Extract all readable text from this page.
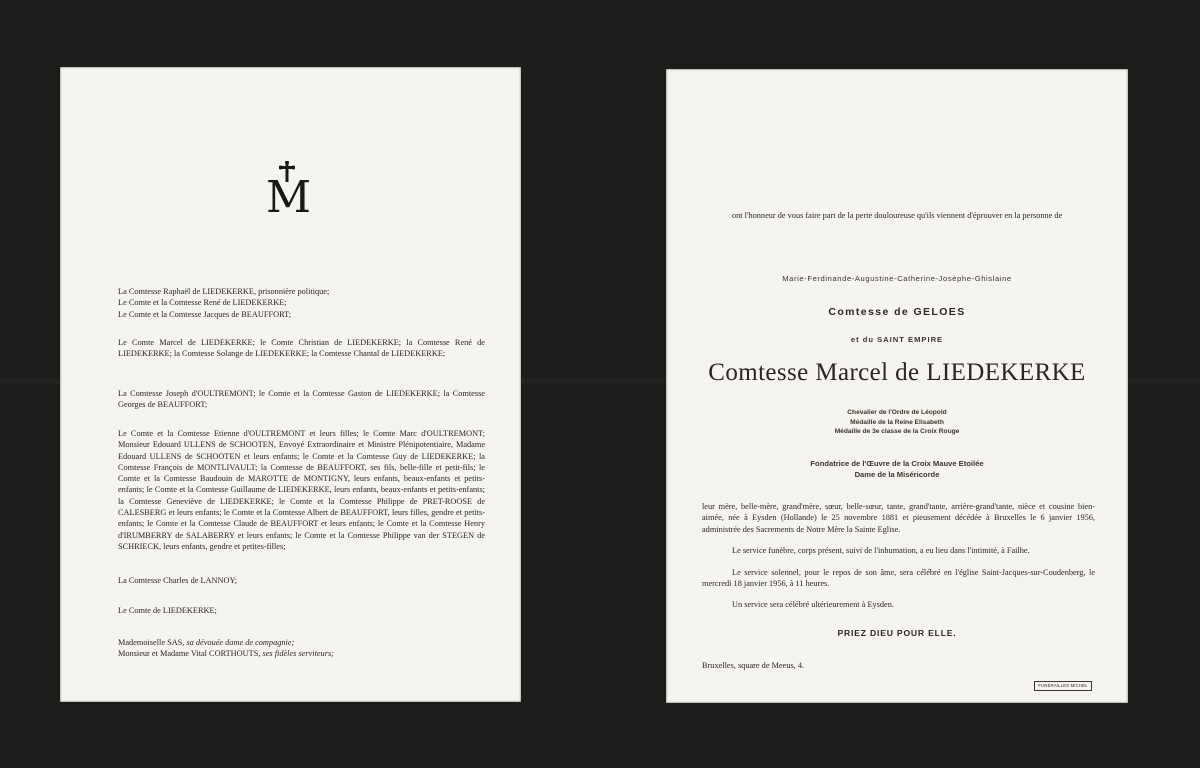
M
La Comtesse Raphaël de LIEDEKERKE, prisonnière politique;
Le Comte et la Comtesse René de LIEDEKERKE;
Le Comte et la Comtesse Jacques de BEAUFFORT;
Le Comte Marcel de LIEDEKERKE; le Comte Christian de LIEDEKERKE; la Comtesse René de LIEDEKERKE; la Comtesse Solange de LIEDEKERKE; la Comtesse Chantal de LIEDEKERKE;
La Comtesse Joseph d'OULTREMONT; le Comte et la Comtesse Gaston de LIEDEKERKE; la Comtesse Georges de BEAUFFORT;
Le Comte et la Comtesse Etienne d'OULTREMONT et leurs filles; le Comte Marc d'OULTREMONT; Monsieur Edouard ULLENS de SCHOOTEN, Envoyé Extraordinaire et Ministre Plénipotentiaire, Madame Edouard ULLENS de SCHOOTEN et leurs enfants; le Comte et la Comtesse Guy de LIEDEKERKE; la Comtesse François de MONTLIVAULT; la Comtesse de BEAUFFORT, ses fils, belle-fille et petit-fils; le Comte et la Comtesse Baudouin de MAROTTE de MONTIGNY, leurs enfants, beaux-enfants et petits-enfants; le Comte et la Comtesse Guillaume de LIEDEKERKE, leurs enfants, beaux-enfants et petits-enfants; la Comtesse Geneviève de LIEDEKERKE; le Comte et la Comtesse Philippe de PRET-ROOSE de CALESBERG et leurs enfants; le Comte et la Comtesse Albert de BEAUFFORT, leurs filles, gendre et petits-enfants; le Comte et la Comtesse Claude de BEAUFFORT et leurs enfants; le Comte et la Comtesse Henry d'IRUMBERRY de SALABERRY et leurs enfants; le Comte et la Comtesse Philippe van der STEGEN de SCHRIECK, leurs enfants, gendre et petites-filles;
La Comtesse Charles de LANNOY;
Le Comte de LIEDEKERKE;
Mademoiselle SAS, sa dévouée dame de compagnie;
Monsieur et Madame Vital CORTHOUTS, ses fidèles serviteurs;
ont l'honneur de vous faire part de la perte douloureuse qu'ils viennent d'éprouver en la personne de
Marie-Ferdinande-Augustine-Catherine-Josèphe-Ghislaine
Comtesse de GELOES
et du SAINT EMPIRE
Comtesse Marcel de LIEDEKERKE
Chevalier de l'Ordre de Léopold
Médaille de la Reine Elisabeth
Médaille de 3e classe de la Croix Rouge
Fondatrice de l'Œuvre de la Croix Mauve Etoilée
Dame de la Miséricorde
leur mère, belle-mère, grand'mère, sœur, belle-sœur, tante, grand'tante, arrière-grand'tante, nièce et cousine bien-aimée, née à Eysden (Hollande) le 25 novembre 1881 et pieusement décédée à Bruxelles le 6 janvier 1956, administrée des Sacrements de Notre Mère la Sainte Eglise.
Le service funèbre, corps présent, suivi de l'inhumation, a eu lieu dans l'intimité, à Failhe.
Le service solennel, pour le repos de son âme, sera célébré en l'église Saint-Jacques-sur-Coudenberg, le mercredi 18 janvier 1956, à 11 heures.
Un service sera célébré ultérieurement à Eysden.
PRIEZ DIEU POUR ELLE.
Bruxelles, square de Meeus, 4.
FUNÉRAILLES MICHEL
